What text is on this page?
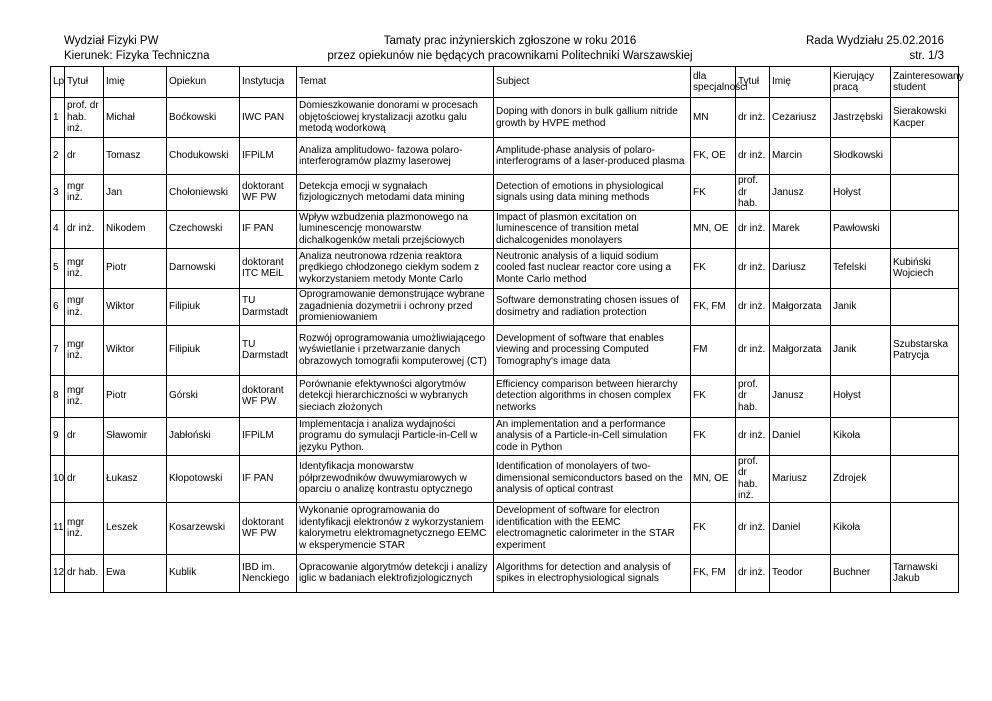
Wydział Fizyki PW
Kierunek: Fizyka Techniczna
Tamaty prac inżynierskich zgłoszone w roku 2016
przez opiekunów nie będących pracownikami Politechniki Warszawskiej
Rada Wydziału 25.02.2016
str. 1/3
Lp	Tytuł	Imię	Opiekun	Instytucja	Temat	Subject	dla specjalności	Tytuł	Imię	Kierujący pracą	Zainteresowany student
1	prof. dr hab. inż.	Michał	Boćkowski	IWC PAN	Domieszkowanie donorami w procesach objętościowej krystalizacji azotku galu metodą wodorkową	Doping with donors in bulk gallium nitride growth by HVPE method	MN	dr inż.	Cezariusz	Jastrzębski	Sierakowski Kacper
2	dr	Tomasz	Chodukowski	IFPiLM	Analiza amplitudowo- fazowa polaro-interferogramów plazmy laserowej	Amplitude-phase analysis of polaro-interferograms of a laser-produced plasma	FK, OE	dr inż.	Marcin	Słodkowski	
3	mgr inż.	Jan	Chołoniewski	doktorant WF PW	Detekcja emocji w sygnałach fizjologicznych metodami data mining	Detection of emotions in physiological signals using data mining methods	FK	prof. dr hab.	Janusz	Hołyst	
4	dr inż.	Nikodem	Czechowski	IF PAN	Wpływ wzbudzenia plazmonowego na luminescencję monowarstw dichalkogenków metali przejściowych	Impact of plasmon excitation on luminescence of transition metal dichalcogenides monolayers	MN, OE	dr inż.	Marek	Pawłowski	
5	mgr inż.	Piotr	Darnowski	doktorant ITC MEiL	Analiza neutronowa rdzenia reaktora prędkiego chłodzonego ciekłym sodem z wykorzystaniem metody Monte Carlo	Neutronic analysis of a liquid sodium cooled fast nuclear reactor core using a Monte Carlo method	FK	dr inż.	Dariusz	Tefelski	Kubiński Wojciech
6	mgr inż.	Wiktor	Filipiuk	TU Darmstadt	Oprogramowanie demonstrujące wybrane zagadnienia dozymetrii i ochrony przed promieniowaniem	Software demonstrating chosen issues of dosimetry and radiation protection	FK, FM	dr inż.	Małgorzata	Janik	
7	mgr inż.	Wiktor	Filipiuk	TU Darmstadt	Rozwój oprogramowania umożliwiającego wyświetlanie i przetwarzanie danych obrazowych tomografii komputerowej (CT)	Development of software that enables viewing and processing Computed Tomography's image data	FM	dr inż.	Małgorzata	Janik	Szubstarska Patrycja
8	mgr inż.	Piotr	Górski	doktorant WF PW	Porównanie efektywności algorytmów detekcji hierarchiczności w wybranych sieciach złożonych	Efficiency comparison between hierarchy detection algorithms in chosen complex networks	FK	prof. dr hab.	Janusz	Hołyst	
9	dr	Sławomir	Jabłoński	IFPiLM	Implementacja i analiza wydajności programu do symulacji Particle-in-Cell w języku Python.	An implementation and a performance analysis of a Particle-in-Cell simulation code in Python	FK	dr inż.	Daniel	Kikoła	
10	dr	Łukasz	Kłopotowski	IF PAN	Identyfikacja monowarstw półprzewodników dwuwymiarowych w oparciu o analizę kontrastu optycznego	Identification of monolayers of two-dimensional semiconductors based on the analysis of optical contrast	MN, OE	prof. dr hab. inż.	Mariusz	Zdrojek	
11	mgr inż.	Leszek	Kosarzewski	doktorant WF PW	Wykonanie oprogramowania do identyfikacji elektronów z wykorzystaniem kalorymetru elektromagnetycznego EEMC w eksperymencie STAR	Development of software for electron identification with the EEMC electromagnetic calorimeter in the STAR experiment	FK	dr inż.	Daniel	Kikoła	
12	dr hab.	Ewa	Kublik	IBD im. Nenckiego	Opracowanie algorytmów detekcji i analizy iglic w badaniach elektrofizjologicznych	Algorithms for detection and analysis of spikes in electrophysiological signals	FK, FM	dr inż.	Teodor	Buchner	Tarnawski Jakub
